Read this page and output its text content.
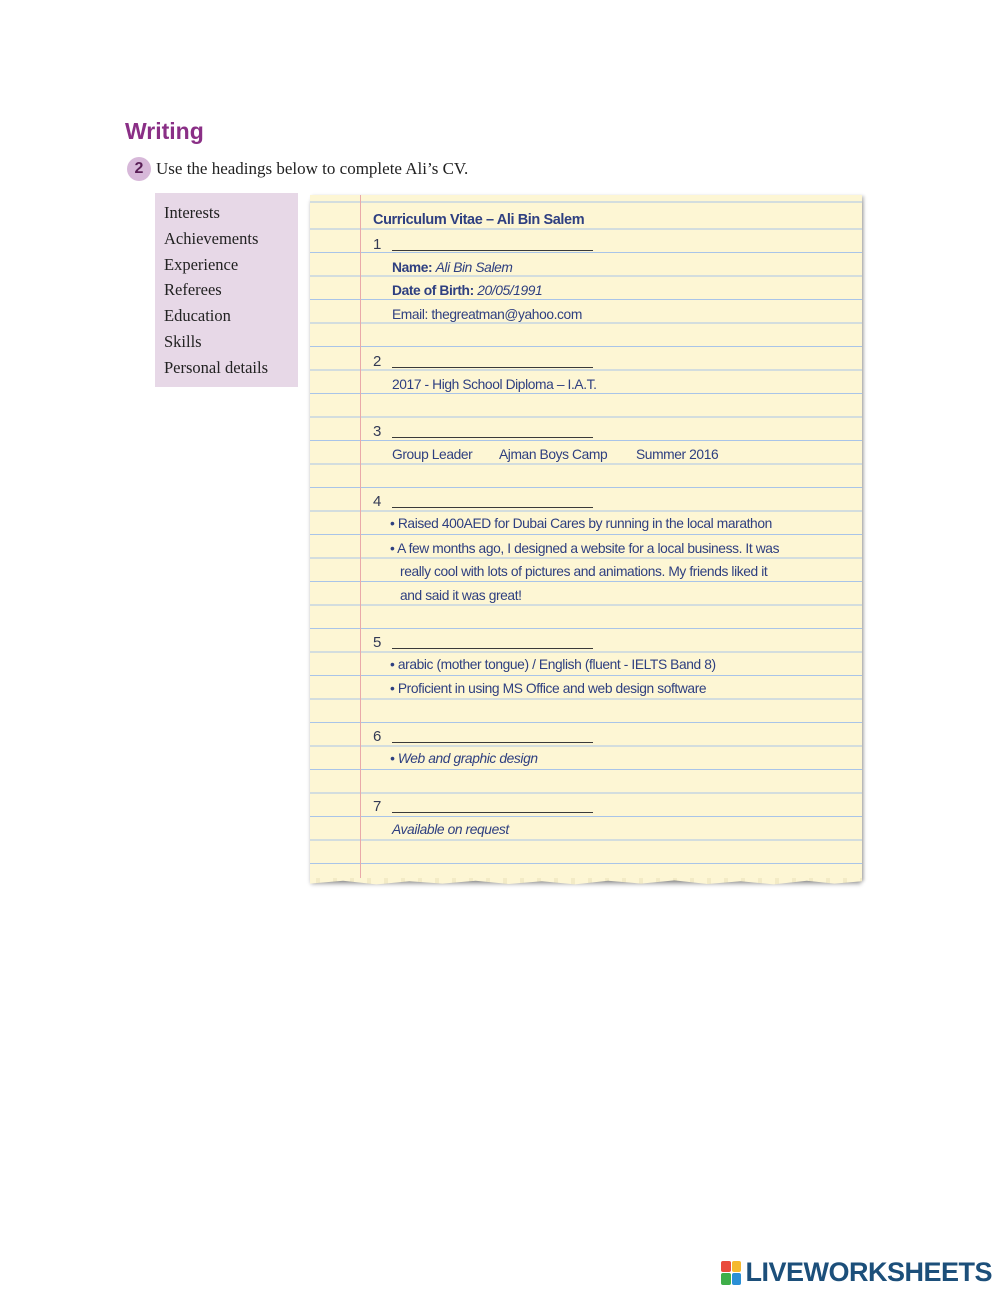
Writing
2 Use the headings below to complete Ali’s CV.
Interests
Achievements
Experience
Referees
Education
Skills
Personal details
Curriculum Vitae – Ali Bin Salem
1
Name: Ali Bin Salem
Date of Birth: 20/05/1991
Email: thegreatman@yahoo.com
2
2017 - High School Diploma – I.A.T.
3
Group Leader Ajman Boys Camp Summer 2016
4
• Raised 400AED for Dubai Cares by running in the local marathon
• A few months ago, I designed a website for a local business. It was
really cool with lots of pictures and animations. My friends liked it
and said it was great!
5
• arabic (mother tongue) / English (fluent - IELTS Band 8)
• Proficient in using MS Office and web design software
6
• Web and graphic design
7
Available on request
LIVEWORKSHEETS
